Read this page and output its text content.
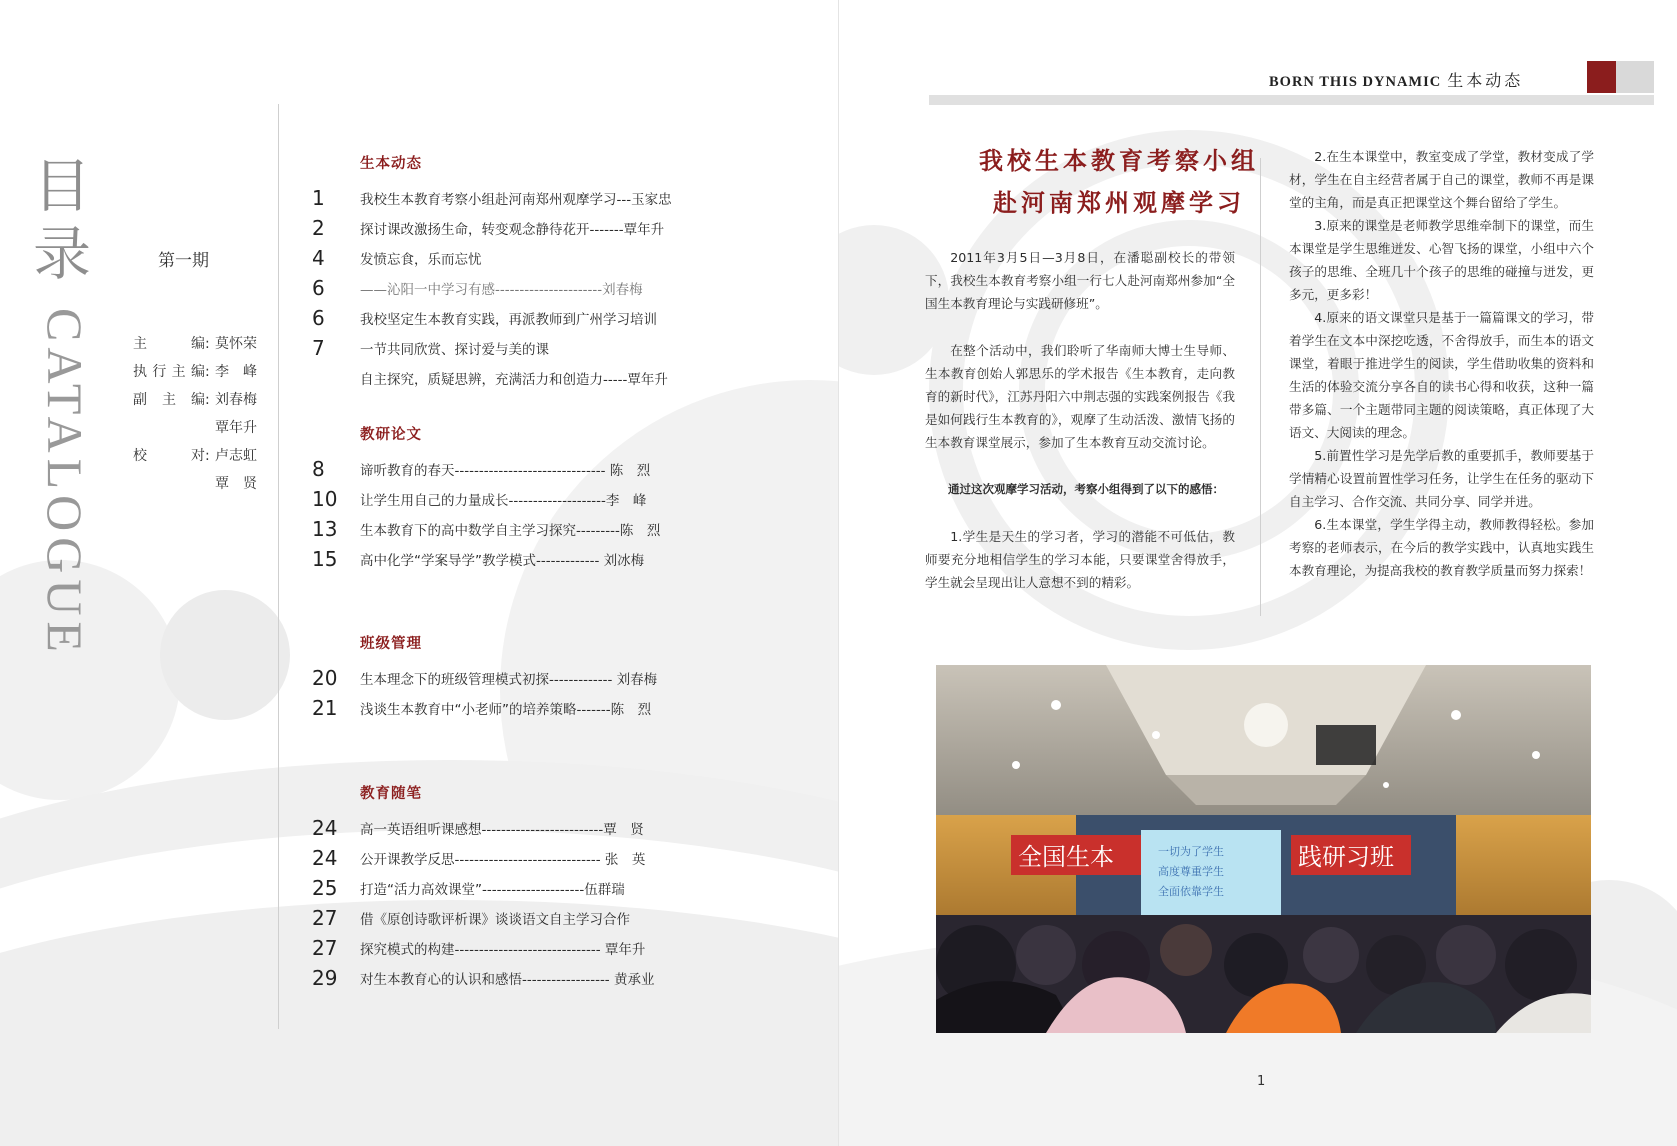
目
录
CATALOGUE
第一期
主编 : 莫怀荣
执行主编 : 李　峰
副主编 : 刘春梅
覃年升
校对 : 卢志虹
覃　贤
生本动态
1	我校生本教育考察小组赴河南郑州观摩学习---玉家忠
2	探讨课改激扬生命，转变观念静待花开-------覃年升
4	发愤忘食，乐而忘忧
6	——沁阳一中学习有感----------------------刘春梅
6	我校坚定生本教育实践，再派教师到广州学习培训
7	一节共同欣赏、探讨爱与美的课
自主探究，质疑思辨，充满活力和创造力-----覃年升
教研论文
8	谛听教育的春天------------------------------- 陈　烈
10	让学生用自己的力量成长--------------------李　峰
13	生本教育下的高中数学自主学习探究---------陈　烈
15	高中化学“学案导学”教学模式------------- 刘冰梅
班级管理
20	生本理念下的班级管理模式初探------------- 刘春梅
21	浅谈生本教育中“小老师”的培养策略-------陈　烈
教育随笔
24	高一英语组听课感想-------------------------覃　贤
24	公开课教学反思------------------------------ 张　英
25	打造“活力高效课堂”---------------------伍群瑞
27	借《原创诗歌评析课》谈谈语文自主学习合作
27	探究模式的构建------------------------------ 覃年升
29	对生本教育心的认识和感悟------------------ 黄承业
BORN THIS DYNAMIC 生本动态
我校生本教育考察小组
赴河南郑州观摩学习

2011年3月5日—3月8日，在潘聪副校长的带领下，我校生本教育考察小组一行七人赴河南郑州参加“全国生本教育理论与实践研修班”。

在整个活动中，我们聆听了华南师大博士生导师、生本教育创始人郭思乐的学术报告《生本教育，走向教育的新时代》，江苏丹阳六中荆志强的实践案例报告《我是如何践行生本教育的》，观摩了生动活泼、激情飞扬的生本教育课堂展示，参加了生本教育互动交流讨论。

通过这次观摩学习活动，考察小组得到了以下的感悟：

1.学生是天生的学习者，学习的潜能不可低估，教师要充分地相信学生的学习本能，只要课堂舍得放手，学生就会呈现出让人意想不到的精彩。

2.在生本课堂中，教室变成了学堂，教材变成了学材，学生在自主经营者属于自己的课堂，教师不再是课堂的主角，而是真正把课堂这个舞台留给了学生。

3.原来的课堂是老师教学思维牵制下的课堂，而生本课堂是学生思维迸发、心智飞扬的课堂，小组中六个孩子的思维、全班几十个孩子的思维的碰撞与迸发，更多元，更多彩！

4.原来的语文课堂只是基于一篇篇课文的学习，带着学生在文本中深挖吃透，不舍得放手，而生本的语文课堂，着眼于推进学生的阅读，学生借助收集的资料和生活的体验交流分享各自的读书心得和收获，这种一篇带多篇、一个主题带同主题的阅读策略，真正体现了大语文、大阅读的理念。

5.前置性学习是先学后教的重要抓手，教师要基于学情精心设置前置性学习任务，让学生在任务的驱动下自主学习、合作交流、共同分享、同学并进。

6.生本课堂，学生学得主动，教师教得轻松。参加考察的老师表示，在今后的教学实践中，认真地实践生本教育理论，为提高我校的教育教学质量而努力探索！

全国生本	一切为了学生
高度尊重学生
全面依靠学生
践研习班
1
